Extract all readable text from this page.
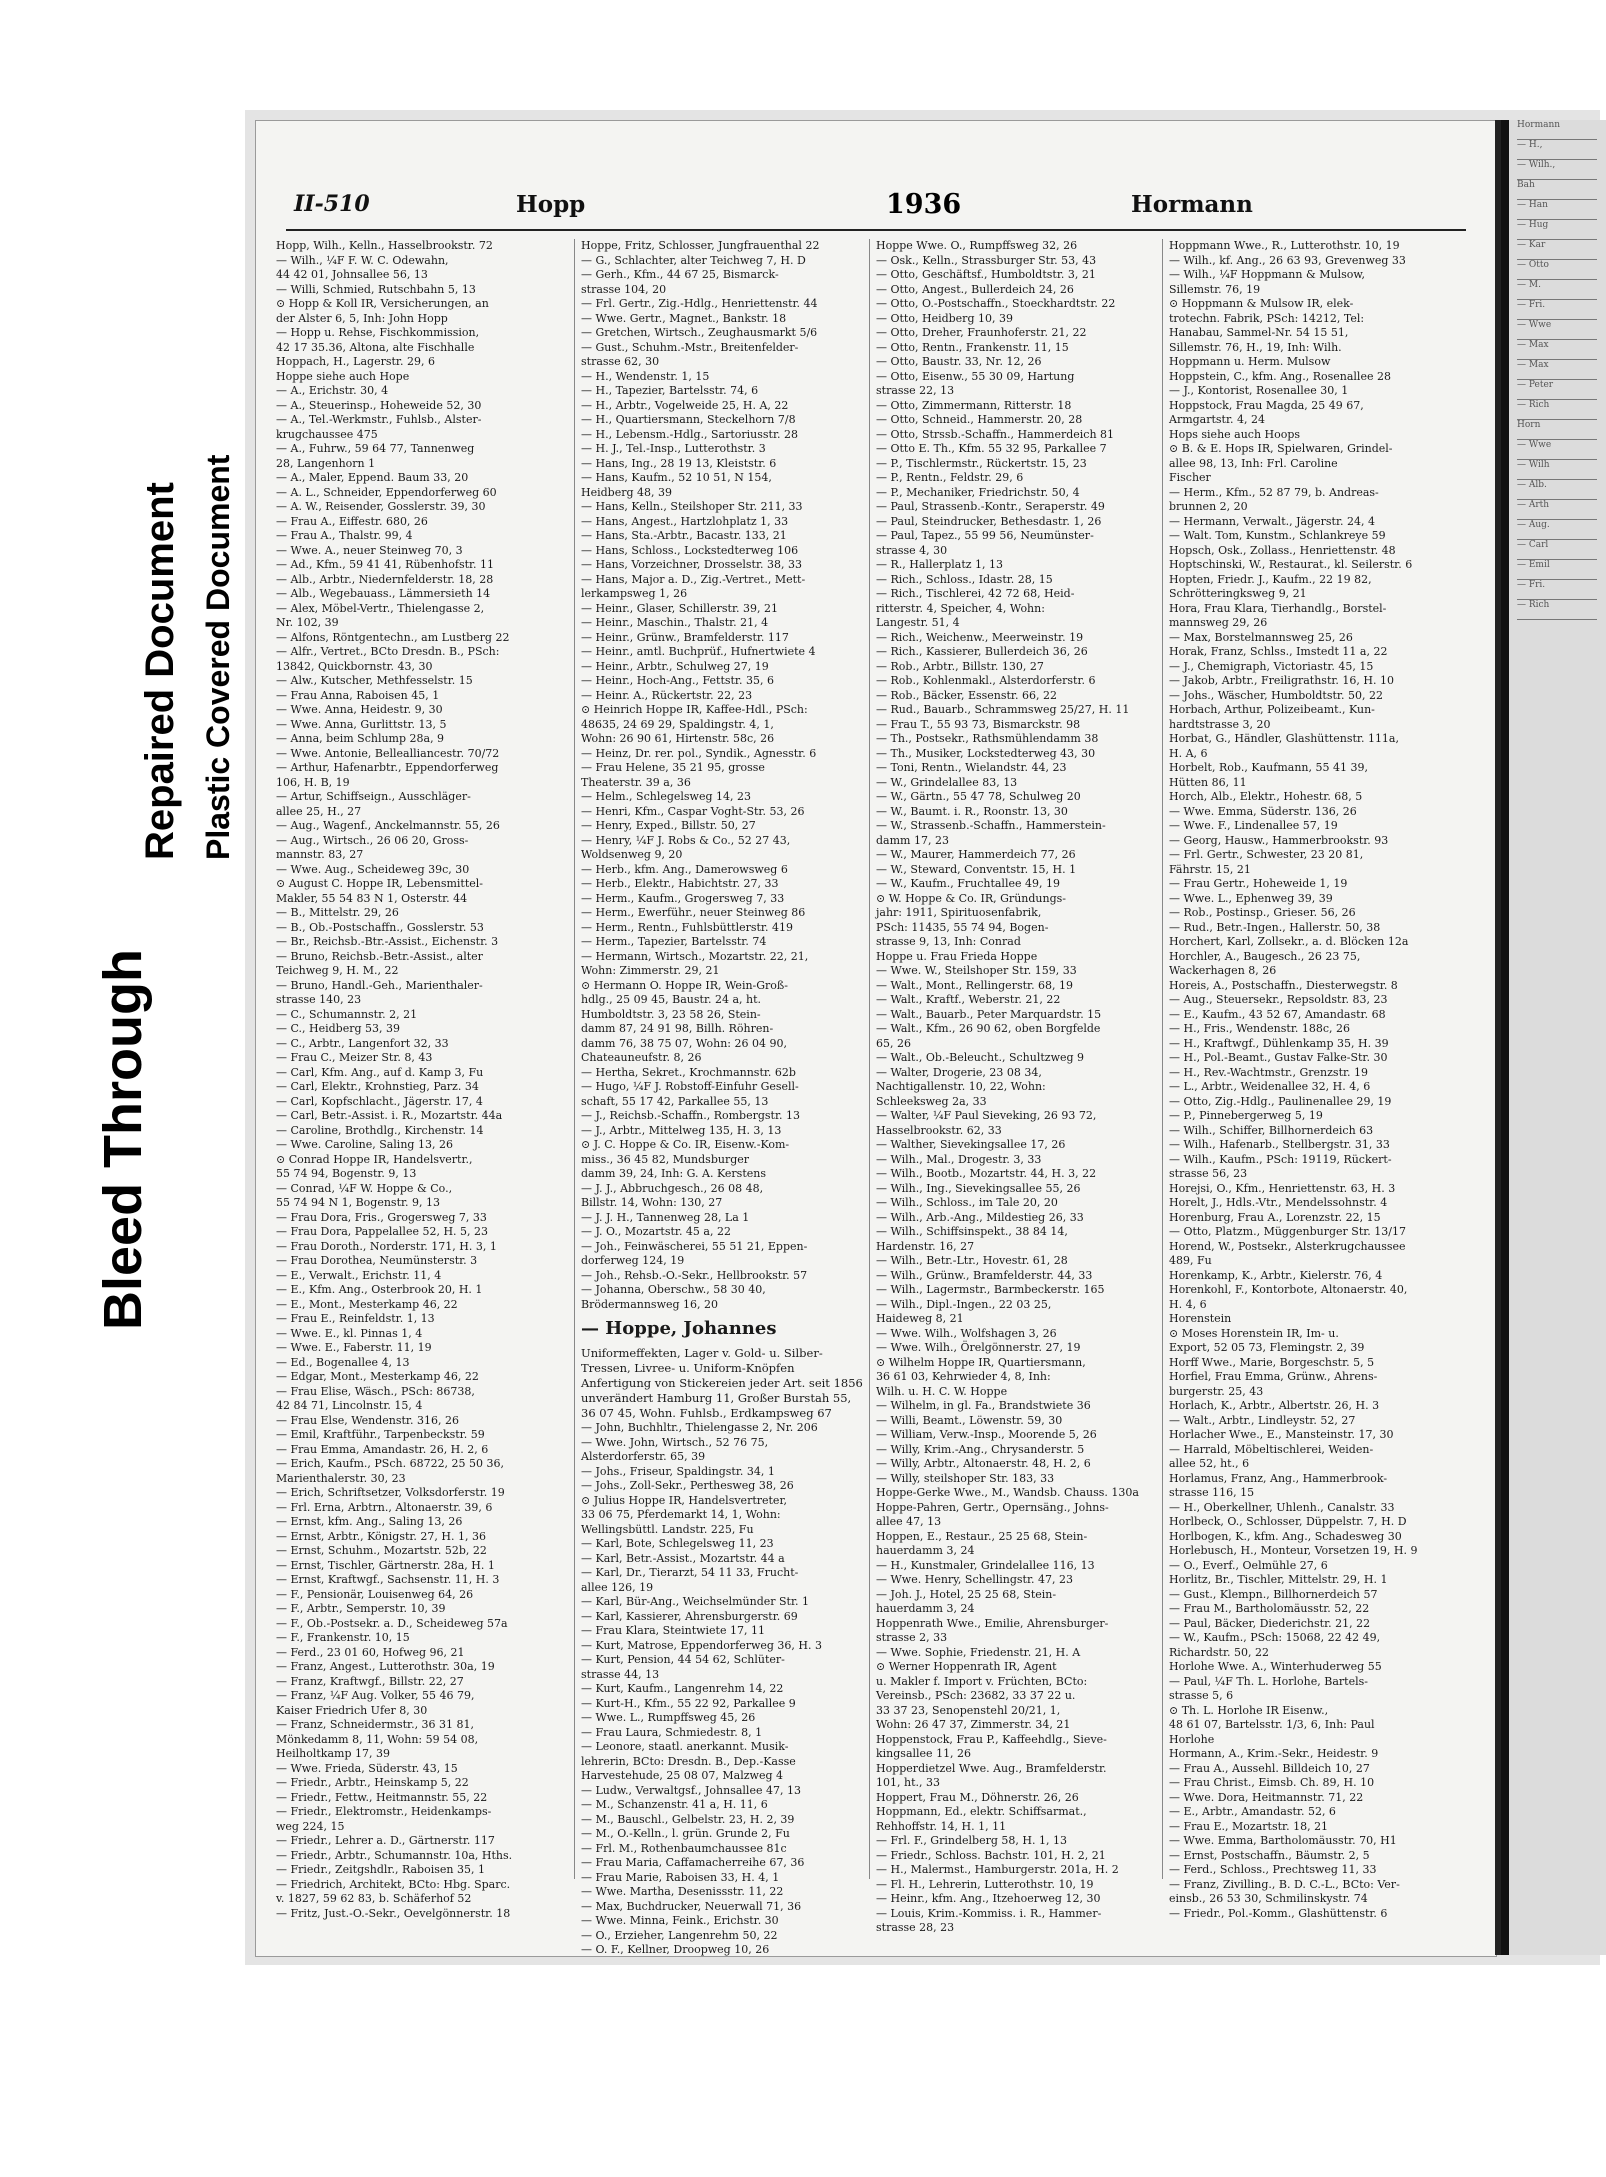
Bleed Through
Repaired Document Plastic Covered Document
II-510	Hopp	1936	Hormann
Hopp, Wilh., Kelln., Hasselbrookstr. 72
— Wilh., ¼F F. W. C. Odewahn,
44 42 01, Johnsallee 56, 13
— Willi, Schmied, Rutschbahn 5, 13
⊙ Hopp & Koll IR, Versicherungen, an
der Alster 6, 5, Inh: John Hopp
— Hopp u. Rehse, Fischkommission,
42 17 35.36, Altona, alte Fischhalle
Hoppach, H., Lagerstr. 29, 6
Hoppe siehe auch Hope
— A., Erichstr. 30, 4
— A., Steuerinsp., Hoheweide 52, 30
— A., Tel.-Werkmstr., Fuhlsb., Alster-
krugchaussee 475
— A., Fuhrw., 59 64 77, Tannenweg
28, Langenhorn 1
— A., Maler, Eppend. Baum 33, 20
— A. L., Schneider, Eppendorferweg 60
— A. W., Reisender, Gosslerstr. 39, 30
— Frau A., Eiffestr. 680, 26
— Frau A., Thalstr. 99, 4
— Wwe. A., neuer Steinweg 70, 3
— Ad., Kfm., 59 41 41, Rübenhofstr. 11
— Alb., Arbtr., Niedernfelderstr. 18, 28
— Alb., Wegebauass., Lämmersieth 14
— Alex, Möbel-Vertr., Thielengasse 2,
Nr. 102, 39
— Alfons, Röntgentechn., am Lustberg 22
— Alfr., Vertret., BCto Dresdn. B., PSch:
13842, Quickbornstr. 43, 30
— Alw., Kutscher, Methfesselstr. 15
— Frau Anna, Raboisen 45, 1
— Wwe. Anna, Heidestr. 9, 30
— Wwe. Anna, Gurlittstr. 13, 5
— Anna, beim Schlump 28a, 9
— Wwe. Antonie, Bellealliancestr. 70/72
— Arthur, Hafenarbtr., Eppendorferweg
106, H. B, 19
— Artur, Schiffseign., Ausschläger-
allee 25, H., 27
— Aug., Wagenf., Anckelmannstr. 55, 26
— Aug., Wirtsch., 26 06 20, Gross-
mannstr. 83, 27
— Wwe. Aug., Scheideweg 39c, 30
⊙ August C. Hoppe IR, Lebensmittel-
Makler, 55 54 83 N 1, Osterstr. 44
— B., Mittelstr. 29, 26
— B., Ob.-Postschaffn., Gosslerstr. 53
— Br., Reichsb.-Btr.-Assist., Eichenstr. 3
— Bruno, Reichsb.-Betr.-Assist., alter
Teichweg 9, H. M., 22
— Bruno, Handl.-Geh., Marienthaler-
strasse 140, 23
— C., Schumannstr. 2, 21
— C., Heidberg 53, 39
— C., Arbtr., Langenfort 32, 33
— Frau C., Meizer Str. 8, 43
— Carl, Kfm. Ang., auf d. Kamp 3, Fu
— Carl, Elektr., Krohnstieg, Parz. 34
— Carl, Kopfschlacht., Jägerstr. 17, 4
— Carl, Betr.-Assist. i. R., Mozartstr. 44a
— Caroline, Brothdlg., Kirchenstr. 14
— Wwe. Caroline, Saling 13, 26
⊙ Conrad Hoppe IR, Handelsvertr.,
55 74 94, Bogenstr. 9, 13
— Conrad, ¼F W. Hoppe & Co.,
55 74 94 N 1, Bogenstr. 9, 13
— Frau Dora, Fris., Grogersweg 7, 33
— Frau Dora, Pappelallee 52, H. 5, 23
— Frau Doroth., Norderstr. 171, H. 3, 1
— Frau Dorothea, Neumünsterstr. 3
— E., Verwalt., Erichstr. 11, 4
— E., Kfm. Ang., Osterbrook 20, H. 1
— E., Mont., Mesterkamp 46, 22
— Frau E., Reinfeldstr. 1, 13
— Wwe. E., kl. Pinnas 1, 4
— Wwe. E., Faberstr. 11, 19
— Ed., Bogenallee 4, 13
— Edgar, Mont., Mesterkamp 46, 22
— Frau Elise, Wäsch., PSch: 86738,
42 84 71, Lincolnstr. 15, 4
— Frau Else, Wendenstr. 316, 26
— Emil, Kraftführ., Tarpenbeckstr. 59
— Frau Emma, Amandastr. 26, H. 2, 6
— Erich, Kaufm., PSch. 68722, 25 50 36,
Marienthalerstr. 30, 23
— Erich, Schriftsetzer, Volksdorferstr. 19
— Frl. Erna, Arbtrn., Altonaerstr. 39, 6
— Ernst, kfm. Ang., Saling 13, 26
— Ernst, Arbtr., Königstr. 27, H. 1, 36
— Ernst, Schuhm., Mozartstr. 52b, 22
— Ernst, Tischler, Gärtnerstr. 28a, H. 1
— Ernst, Kraftwgf., Sachsenstr. 11, H. 3
— F., Pensionär, Louisenweg 64, 26
— F., Arbtr., Semperstr. 10, 39
— F., Ob.-Postsekr. a. D., Scheideweg 57a
— F., Frankenstr. 10, 15
— Ferd., 23 01 60, Hofweg 96, 21
— Franz, Angest., Lutterothstr. 30a, 19
— Franz, Kraftwgf., Billstr. 22, 27
— Franz, ¼F Aug. Volker, 55 46 79,
Kaiser Friedrich Ufer 8, 30
— Franz, Schneidermstr., 36 31 81,
Mönkedamm 8, 11, Wohn: 59 54 08,
Heilholtkamp 17, 39
— Wwe. Frieda, Süderstr. 43, 15
— Friedr., Arbtr., Heinskamp 5, 22
— Friedr., Fettw., Heitmannstr. 55, 22
— Friedr., Elektromstr., Heidenkamps-
weg 224, 15
— Friedr., Lehrer a. D., Gärtnerstr. 117
— Friedr., Arbtr., Schumannstr. 10a, Hths.
— Friedr., Zeitgshdlr., Raboisen 35, 1
— Friedrich, Architekt, BCto: Hbg. Sparc.
v. 1827, 59 62 83, b. Schäferhof 52
— Fritz, Just.-O.-Sekr., Oevelgönnerstr. 18
Hoppe, Fritz, Schlosser, Jungfrauenthal 22
— G., Schlachter, alter Teichweg 7, H. D
— Gerh., Kfm., 44 67 25, Bismarck-
strasse 104, 20
— Frl. Gertr., Zig.-Hdlg., Henriettenstr. 44
— Wwe. Gertr., Magnet., Bankstr. 18
— Gretchen, Wirtsch., Zeughausmarkt 5/6
— Gust., Schuhm.-Mstr., Breitenfelder-
strasse 62, 30
— H., Wendenstr. 1, 15
— H., Tapezier, Bartelsstr. 74, 6
— H., Arbtr., Vogelweide 25, H. A, 22
— H., Quartiersmann, Steckelhorn 7/8
— H., Lebensm.-Hdlg., Sartoriusstr. 28
— H. J., Tel.-Insp., Lutterothstr. 3
— Hans, Ing., 28 19 13, Kleiststr. 6
— Hans, Kaufm., 52 10 51, N 154,
Heidberg 48, 39
— Hans, Kelln., Steilshoper Str. 211, 33
— Hans, Angest., Hartzlohplatz 1, 33
— Hans, Sta.-Arbtr., Bacastr. 133, 21
— Hans, Schloss., Lockstedterweg 106
— Hans, Vorzeichner, Drosselstr. 38, 33
— Hans, Major a. D., Zig.-Vertret., Mett-
lerkampsweg 1, 26
— Heinr., Glaser, Schillerstr. 39, 21
— Heinr., Maschin., Thalstr. 21, 4
— Heinr., Grünw., Bramfelderstr. 117
— Heinr., amtl. Buchprüf., Hufnertwiete 4
— Heinr., Arbtr., Schulweg 27, 19
— Heinr., Hoch-Ang., Fettstr. 35, 6
— Heinr. A., Rückertstr. 22, 23
⊙ Heinrich Hoppe IR, Kaffee-Hdl., PSch:
48635, 24 69 29, Spaldingstr. 4, 1,
Wohn: 26 90 61, Hirtenstr. 58c, 26
— Heinz, Dr. rer. pol., Syndik., Agnesstr. 6
— Frau Helene, 35 21 95, grosse
Theaterstr. 39 a, 36
— Helm., Schlegelsweg 14, 23
— Henri, Kfm., Caspar Voght-Str. 53, 26
— Henry, Exped., Billstr. 50, 27
— Henry, ¼F J. Robs & Co., 52 27 43,
Woldsenweg 9, 20
— Herb., kfm. Ang., Damerowsweg 6
— Herb., Elektr., Habichtstr. 27, 33
— Herm., Kaufm., Grogersweg 7, 33
— Herm., Ewerführ., neuer Steinweg 86
— Herm., Rentn., Fuhlsbüttlerstr. 419
— Herm., Tapezier, Bartelsstr. 74
— Hermann, Wirtsch., Mozartstr. 22, 21,
Wohn: Zimmerstr. 29, 21
⊙ Hermann O. Hoppe IR, Wein-Groß-
hdlg., 25 09 45, Baustr. 24 a, ht.
Humboldtstr. 3, 23 58 26, Stein-
damm 87, 24 91 98, Billh. Röhren-
damm 76, 38 75 07, Wohn: 26 04 90,
Chateauneufstr. 8, 26
— Hertha, Sekret., Krochmannstr. 62b
— Hugo, ¼F J. Robstoff-Einfuhr Gesell-
schaft, 55 17 42, Parkallee 55, 13
— J., Reichsb.-Schaffn., Rombergstr. 13
— J., Arbtr., Mittelweg 135, H. 3, 13
⊙ J. C. Hoppe & Co. IR, Eisenw.-Kom-
miss., 36 45 82, Mundsburger
damm 39, 24, Inh: G. A. Kerstens
— J. J., Abbruchgesch., 26 08 48,
Billstr. 14, Wohn: 130, 27
— J. J. H., Tannenweg 28, La 1
— J. O., Mozartstr. 45 a, 22
— Joh., Feinwäscherei, 55 51 21, Eppen-
dorferweg 124, 19
— Joh., Rehsb.-O.-Sekr., Hellbrookstr. 57
— Johanna, Oberschw., 58 30 40,
Brödermannsweg 16, 20
— Hoppe, Johannes
Uniformeffekten, Lager v. Gold- u. Silber-Tressen, Livree- u. Uniform-Knöpfen Anfertigung von Stickereien jeder Art. seit 1856 unverändert Hamburg 11, Großer Burstah 55, 36 07 45, Wohn. Fuhlsb., Erdkampsweg 67
— John, Buchhltr., Thielengasse 2, Nr. 206
— Wwe. John, Wirtsch., 52 76 75,
Alsterdorferstr. 65, 39
— Johs., Friseur, Spaldingstr. 34, 1
— Johs., Zoll-Sekr., Perthesweg 38, 26
⊙ Julius Hoppe IR, Handelsvertreter,
33 06 75, Pferdemarkt 14, 1, Wohn:
Wellingsbüttl. Landstr. 225, Fu
— Karl, Bote, Schlegelsweg 11, 23
— Karl, Betr.-Assist., Mozartstr. 44 a
— Karl, Dr., Tierarzt, 54 11 33, Frucht-
allee 126, 19
— Karl, Bür-Ang., Weichselmünder Str. 1
— Karl, Kassierer, Ahrensburgerstr. 69
— Frau Klara, Steintwiete 17, 11
— Kurt, Matrose, Eppendorferweg 36, H. 3
— Kurt, Pension, 44 54 62, Schlüter-
strasse 44, 13
— Kurt, Kaufm., Langenrehm 14, 22
— Kurt-H., Kfm., 55 22 92, Parkallee 9
— Wwe. L., Rumpffsweg 45, 26
— Frau Laura, Schmiedestr. 8, 1
— Leonore, staatl. anerkannt. Musik-
lehrerin, BCto: Dresdn. B., Dep.-Kasse
Harvestehude, 25 08 07, Malzweg 4
— Ludw., Verwaltgsf., Johnsallee 47, 13
— M., Schanzenstr. 41 a, H. 11, 6
— M., Bauschl., Gelbelstr. 23, H. 2, 39
— M., O.-Kelln., l. grün. Grunde 2, Fu
— Frl. M., Rothenbaumchaussee 81c
— Frau Maria, Caffamacherreihe 67, 36
— Frau Marie, Raboisen 33, H. 4, 1
— Wwe. Martha, Desenissstr. 11, 22
— Max, Buchdrucker, Neuerwall 71, 36
— Wwe. Minna, Feink., Erichstr. 30
— O., Erzieher, Langenrehm 50, 22
— O. F., Kellner, Droopweg 10, 26
Hoppe Wwe. O., Rumpffsweg 32, 26
— Osk., Kelln., Strassburger Str. 53, 43
— Otto, Geschäftsf., Humboldtstr. 3, 21
— Otto, Angest., Bullerdeich 24, 26
— Otto, O.-Postschaffn., Stoeckhardtstr. 22
— Otto, Heidberg 10, 39
— Otto, Dreher, Fraunhoferstr. 21, 22
— Otto, Rentn., Frankenstr. 11, 15
— Otto, Baustr. 33, Nr. 12, 26
— Otto, Eisenw., 55 30 09, Hartung
strasse 22, 13
— Otto, Zimmermann, Ritterstr. 18
— Otto, Schneid., Hammerstr. 20, 28
— Otto, Strssb.-Schaffn., Hammerdeich 81
— Otto E. Th., Kfm. 55 32 95, Parkallee 7
— P., Tischlermstr., Rückertstr. 15, 23
— P., Rentn., Feldstr. 29, 6
— P., Mechaniker, Friedrichstr. 50, 4
— Paul, Strassenb.-Kontr., Seraperstr. 49
— Paul, Steindrucker, Bethesdastr. 1, 26
— Paul, Tapez., 55 99 56, Neumünster-
strasse 4, 30
— R., Hallerplatz 1, 13
— Rich., Schloss., Idastr. 28, 15
— Rich., Tischlerei, 42 72 68, Heid-
ritterstr. 4, Speicher, 4, Wohn:
Langestr. 51, 4
— Rich., Weichenw., Meerweinstr. 19
— Rich., Kassierer, Bullerdeich 36, 26
— Rob., Arbtr., Billstr. 130, 27
— Rob., Kohlenmakl., Alsterdorferstr. 6
— Rob., Bäcker, Essenstr. 66, 22
— Rud., Bauarb., Schrammsweg 25/27, H. 11
— Frau T., 55 93 73, Bismarckstr. 98
— Th., Postsekr., Rathsmühlendamm 38
— Th., Musiker, Lockstedterweg 43, 30
— Toni, Rentn., Wielandstr. 44, 23
— W., Grindelallee 83, 13
— W., Gärtn., 55 47 78, Schulweg 20
— W., Baumt. i. R., Roonstr. 13, 30
— W., Strassenb.-Schaffn., Hammerstein-
damm 17, 23
— W., Maurer, Hammerdeich 77, 26
— W., Steward, Conventstr. 15, H. 1
— W., Kaufm., Fruchtallee 49, 19
⊙ W. Hoppe & Co. IR, Gründungs-
jahr: 1911, Spirituosenfabrik,
PSch: 11435, 55 74 94, Bogen-
strasse 9, 13, Inh: Conrad
Hoppe u. Frau Frieda Hoppe
— Wwe. W., Steilshoper Str. 159, 33
— Walt., Mont., Rellingerstr. 68, 19
— Walt., Kraftf., Weberstr. 21, 22
— Walt., Bauarb., Peter Marquardstr. 15
— Walt., Kfm., 26 90 62, oben Borgfelde
65, 26
— Walt., Ob.-Beleucht., Schultzweg 9
— Walter, Drogerie, 23 08 34,
Nachtigallenstr. 10, 22, Wohn:
Schleeksweg 2a, 33
— Walter, ¼F Paul Sieveking, 26 93 72,
Hasselbrookstr. 62, 33
— Walther, Sievekingsallee 17, 26
— Wilh., Mal., Drogestr. 3, 33
— Wilh., Bootb., Mozartstr. 44, H. 3, 22
— Wilh., Ing., Sievekingsallee 55, 26
— Wilh., Schloss., im Tale 20, 20
— Wilh., Arb.-Ang., Mildestieg 26, 33
— Wilh., Schiffsinspekt., 38 84 14,
Hardenstr. 16, 27
— Wilh., Betr.-Ltr., Hovestr. 61, 28
— Wilh., Grünw., Bramfelderstr. 44, 33
— Wilh., Lagermstr., Barmbeckerstr. 165
— Wilh., Dipl.-Ingen., 22 03 25,
Haideweg 8, 21
— Wwe. Wilh., Wolfshagen 3, 26
— Wwe. Wilh., Örelgönnerstr. 27, 19
⊙ Wilhelm Hoppe IR, Quartiersmann,
36 61 03, Kehrwieder 4, 8, Inh:
Wilh. u. H. C. W. Hoppe
— Wilhelm, in gl. Fa., Brandstwiete 36
— Willi, Beamt., Löwenstr. 59, 30
— William, Verw.-Insp., Moorende 5, 26
— Willy, Krim.-Ang., Chrysanderstr. 5
— Willy, Arbtr., Altonaerstr. 48, H. 2, 6
— Willy, steilshoper Str. 183, 33
Hoppe-Gerke Wwe., M., Wandsb. Chauss. 130a
Hoppe-Pahren, Gertr., Opernsäng., Johns-
allee 47, 13
Hoppen, E., Restaur., 25 25 68, Stein-
hauerdamm 3, 24
— H., Kunstmaler, Grindelallee 116, 13
— Wwe. Henry, Schellingstr. 47, 23
— Joh. J., Hotel, 25 25 68, Stein-
hauerdamm 3, 24
Hoppenrath Wwe., Emilie, Ahrensburger-
strasse 2, 33
— Wwe. Sophie, Friedenstr. 21, H. A
⊙ Werner Hoppenrath IR, Agent
u. Makler f. Import v. Früchten, BCto:
Vereinsb., PSch: 23682, 33 37 22 u.
33 37 23, Senopenstehl 20/21, 1,
Wohn: 26 47 37, Zimmerstr. 34, 21
Hoppenstock, Frau P., Kaffeehdlg., Sieve-
kingsallee 11, 26
Hopperdietzel Wwe. Aug., Bramfelderstr.
101, ht., 33
Hoppert, Frau M., Döhnerstr. 26, 26
Hoppmann, Ed., elektr. Schiffsarmat.,
Rehhoffstr. 14, H. 1, 11
— Frl. F., Grindelberg 58, H. 1, 13
— Friedr., Schloss. Bachstr. 101, H. 2, 21
— H., Malermst., Hamburgerstr. 201a, H. 2
— Fl. H., Lehrerin, Lutterothstr. 10, 19
— Heinr., kfm. Ang., Itzehoerweg 12, 30
— Louis, Krim.-Kommiss. i. R., Hammer-
strasse 28, 23
Hoppmann Wwe., R., Lutterothstr. 10, 19
— Wilh., kf. Ang., 26 63 93, Grevenweg 33
— Wilh., ¼F Hoppmann & Mulsow,
Sillemstr. 76, 19
⊙ Hoppmann & Mulsow IR, elek-
trotechn. Fabrik, PSch: 14212, Tel:
Hanabau, Sammel-Nr. 54 15 51,
Sillemstr. 76, H., 19, Inh: Wilh.
Hoppmann u. Herm. Mulsow
Hoppstein, C., kfm. Ang., Rosenallee 28
— J., Kontorist, Rosenallee 30, 1
Hoppstock, Frau Magda, 25 49 67,
Armgartstr. 4, 24
Hops siehe auch Hoops
⊙ B. & E. Hops IR, Spielwaren, Grindel-
allee 98, 13, Inh: Frl. Caroline
Fischer
— Herm., Kfm., 52 87 79, b. Andreas-
brunnen 2, 20
— Hermann, Verwalt., Jägerstr. 24, 4
— Walt. Tom, Kunstm., Schlankreye 59
Hopsch, Osk., Zollass., Henriettenstr. 48
Hoptschinski, W., Restaurat., kl. Seilerstr. 6
Hopten, Friedr. J., Kaufm., 22 19 82,
Schrötteringksweg 9, 21
Hora, Frau Klara, Tierhandlg., Borstel-
mannsweg 29, 26
— Max, Borstelmannsweg 25, 26
Horak, Franz, Schlss., Imstedt 11 a, 22
— J., Chemigraph, Victoriastr. 45, 15
— Jakob, Arbtr., Freiligrathstr. 16, H. 10
— Johs., Wäscher, Humboldtstr. 50, 22
Horbach, Arthur, Polizeibeamt., Kun-
hardtstrasse 3, 20
Horbat, G., Händler, Glashüttenstr. 111a,
H. A, 6
Horbelt, Rob., Kaufmann, 55 41 39,
Hütten 86, 11
Horch, Alb., Elektr., Hohestr. 68, 5
— Wwe. Emma, Süderstr. 136, 26
— Wwe. F., Lindenallee 57, 19
— Georg, Hausw., Hammerbrookstr. 93
— Frl. Gertr., Schwester, 23 20 81,
Fährstr. 15, 21
— Frau Gertr., Hoheweide 1, 19
— Wwe. L., Ephenweg 39, 39
— Rob., Postinsp., Grieser. 56, 26
— Rud., Betr.-Ingen., Hallerstr. 50, 38
Horchert, Karl, Zollsekr., a. d. Blöcken 12a
Horchler, A., Baugesch., 26 23 75,
Wackerhagen 8, 26
Horeis, A., Postschaffn., Diesterwegstr. 8
— Aug., Steuersekr., Repsoldstr. 83, 23
— E., Kaufm., 43 52 67, Amandastr. 68
— H., Fris., Wendenstr. 188c, 26
— H., Kraftwgf., Dühlenkamp 35, H. 39
— H., Pol.-Beamt., Gustav Falke-Str. 30
— H., Rev.-Wachtmstr., Grenzstr. 19
— L., Arbtr., Weidenallee 32, H. 4, 6
— Otto, Zig.-Hdlg., Paulinenallee 29, 19
— P., Pinnebergerweg 5, 19
— Wilh., Schiffer, Billhornerdeich 63
— Wilh., Hafenarb., Stellbergstr. 31, 33
— Wilh., Kaufm., PSch: 19119, Rückert-
strasse 56, 23
Horejsi, O., Kfm., Henriettenstr. 63, H. 3
Horelt, J., Hdls.-Vtr., Mendelssohnstr. 4
Horenburg, Frau A., Lorenzstr. 22, 15
— Otto, Platzm., Müggenburger Str. 13/17
Horend, W., Postsekr., Alsterkrugchaussee
489, Fu
Horenkamp, K., Arbtr., Kielerstr. 76, 4
Horenkohl, F., Kontorbote, Altonaerstr. 40,
H. 4, 6
Horenstein
⊙ Moses Horenstein IR, Im- u.
Export, 52 05 73, Flemingstr. 2, 39
Horff Wwe., Marie, Borgeschstr. 5, 5
Horfiel, Frau Emma, Grünw., Ahrens-
burgerstr. 25, 43
Horlach, K., Arbtr., Albertstr. 26, H. 3
— Walt., Arbtr., Lindleystr. 52, 27
Horlacher Wwe., E., Mansteinstr. 17, 30
— Harrald, Möbeltischlerei, Weiden-
allee 52, ht., 6
Horlamus, Franz, Ang., Hammerbrook-
strasse 116, 15
— H., Oberkellner, Uhlenh., Canalstr. 33
Horlbeck, O., Schlosser, Düppelstr. 7, H. D
Horlbogen, K., kfm. Ang., Schadesweg 30
Horlebusch, H., Monteur, Vorsetzen 19, H. 9
— O., Everf., Oelmühle 27, 6
Horlitz, Br., Tischler, Mittelstr. 29, H. 1
— Gust., Klempn., Billhornerdeich 57
— Frau M., Bartholomäusstr. 52, 22
— Paul, Bäcker, Diederichstr. 21, 22
— W., Kaufm., PSch: 15068, 22 42 49,
Richardstr. 50, 22
Horlohe Wwe. A., Winterhuderweg 55
— Paul, ¼F Th. L. Horlohe, Bartels-
strasse 5, 6
⊙ Th. L. Horlohe IR Eisenw.,
48 61 07, Bartelsstr. 1/3, 6, Inh: Paul
Horlohe
Hormann, A., Krim.-Sekr., Heidestr. 9
— Frau A., Aussehl. Billdeich 10, 27
— Frau Christ., Eimsb. Ch. 89, H. 10
— Wwe. Dora, Heitmannstr. 71, 22
— E., Arbtr., Amandastr. 52, 6
— Frau E., Mozartstr. 18, 21
— Wwe. Emma, Bartholomäusstr. 70, H1
— Ernst, Postschaffn., Bäumstr. 2, 5
— Ferd., Schloss., Prechtsweg 11, 33
— Franz, Zivilling., B. D. C.-L., BCto: Ver-
einsb., 26 53 30, Schmilinskystr. 74
— Friedr., Pol.-Komm., Glashüttenstr. 6
Hormann
— H.,
— Wilh.,
Bah
— Han
— Hug
— Kar
— Otto
— M.
— Fri.
— Wwe
— Max
— Max
— Peter
— Rich
Horn
— Wwe
— Wilh
— Alb.
— Arth
— Aug.
— Carl
— Emil
— Fri.
— Rich
